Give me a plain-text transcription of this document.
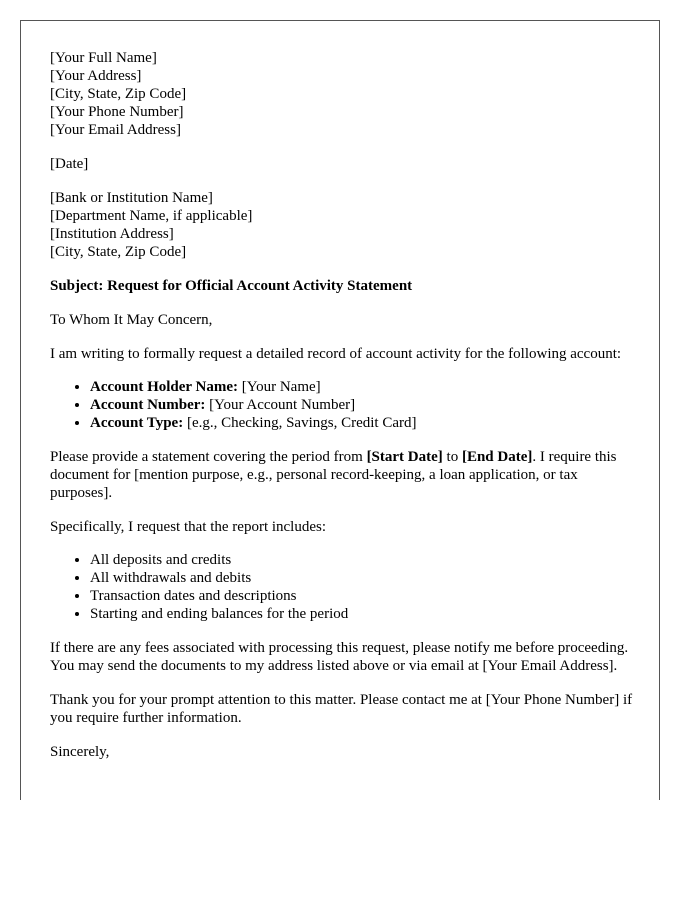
[Your Full Name]

[Your Address]

[City, State, Zip Code]

[Your Phone Number]

[Your Email Address]

[Date]

[Bank or Institution Name]

[Department Name, if applicable]

[Institution Address]

[City, State, Zip Code]

Subject: Request for Official Account Activity Statement

To Whom It May Concern,

I am writing to formally request a detailed record of account activity for the following account:

• Account Holder Name: [Your Name]
• Account Number: [Your Account Number]
• Account Type: [e.g., Checking, Savings, Credit Card]

Please provide a statement covering the period from [Start Date] to [End Date]. I require this document for [mention purpose, e.g., personal record-keeping, a loan application, or tax purposes].

Specifically, I request that the report includes:

• All deposits and credits
• All withdrawals and debits
• Transaction dates and descriptions
• Starting and ending balances for the period

If there are any fees associated with processing this request, please notify me before proceeding. You may send the documents to my address listed above or via email at [Your Email Address].

Thank you for your prompt attention to this matter. Please contact me at [Your Phone Number] if you require further information.

Sincerely,
